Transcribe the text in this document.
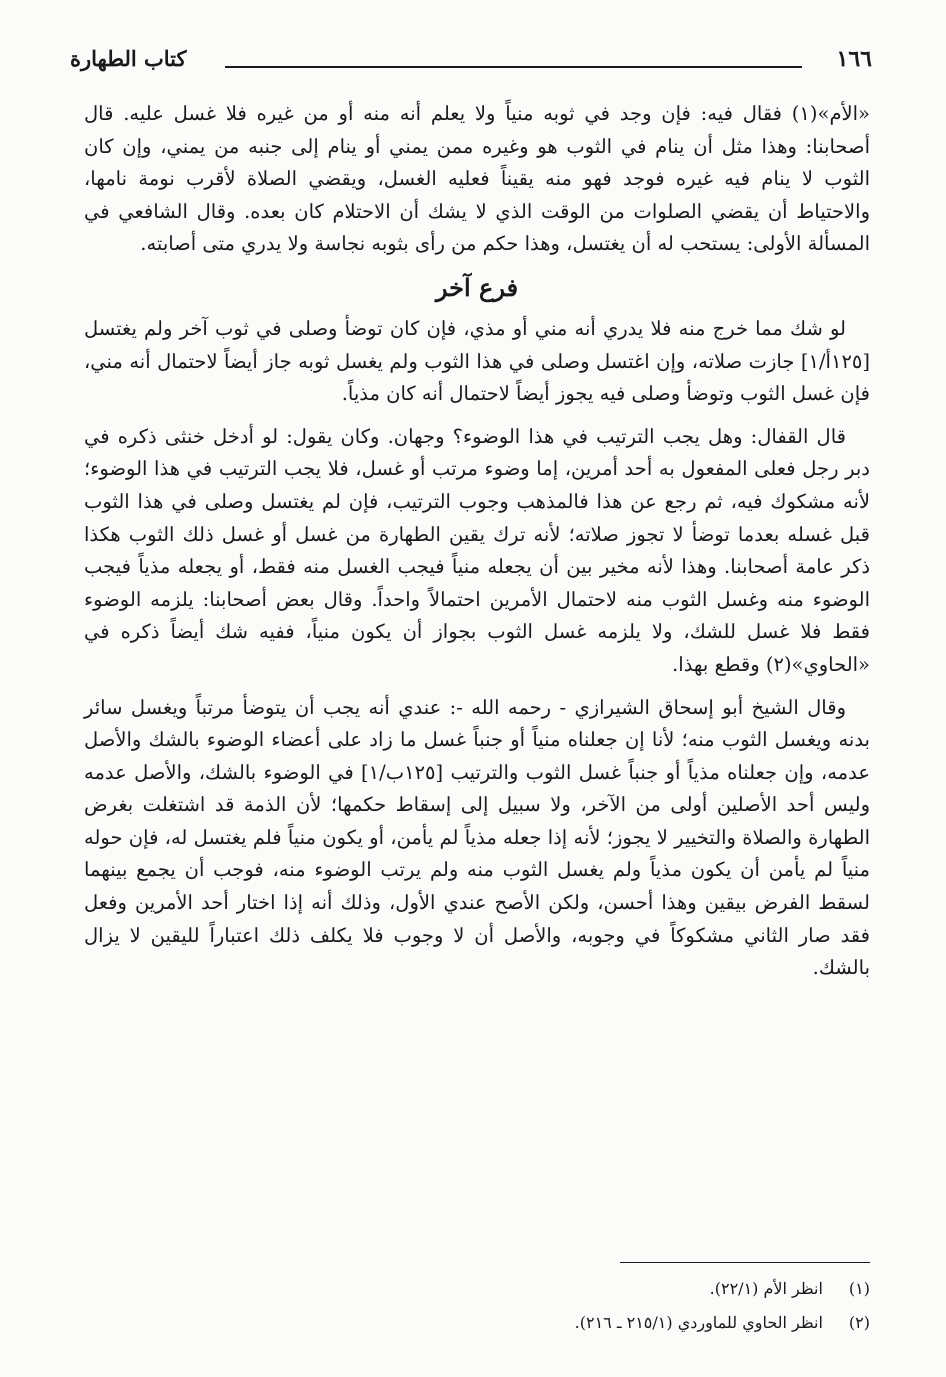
١٦٦
كتاب الطهارة

«الأم»(١) فقال فيه: فإن وجد في ثوبه منياً ولا يعلم أنه منه أو من غيره فلا غسل عليه. قال أصحابنا: وهذا مثل أن ينام في الثوب هو وغيره ممن يمني أو ينام إلى جنبه من يمني، وإن كان الثوب لا ينام فيه غيره فوجد فهو منه يقيناً فعليه الغسل، ويقضي الصلاة لأقرب نومة نامها، والاحتياط أن يقضي الصلوات من الوقت الذي لا يشك أن الاحتلام كان بعده. وقال الشافعي في المسألة الأولى: يستحب له أن يغتسل، وهذا حكم من رأى بثوبه نجاسة ولا يدري متى أصابته.

فرع آخر

لو شك مما خرج منه فلا يدري أنه مني أو مذي، فإن كان توضأ وصلى في ثوب آخر ولم يغتسل [١٢٥أ/١] جازت صلاته، وإن اغتسل وصلى في هذا الثوب ولم يغسل ثوبه جاز أيضاً لاحتمال أنه مني، فإن غسل الثوب وتوضأ وصلى فيه يجوز أيضاً لاحتمال أنه كان مذياً.

قال القفال: وهل يجب الترتيب في هذا الوضوء؟ وجهان. وكان يقول: لو أدخل خنثى ذكره في دبر رجل فعلى المفعول به أحد أمرين، إما وضوء مرتب أو غسل، فلا يجب الترتيب في هذا الوضوء؛ لأنه مشكوك فيه، ثم رجع عن هذا فالمذهب وجوب الترتيب، فإن لم يغتسل وصلى في هذا الثوب قبل غسله بعدما توضأ لا تجوز صلاته؛ لأنه ترك يقين الطهارة من غسل أو غسل ذلك الثوب هكذا ذكر عامة أصحابنا. وهذا لأنه مخير بين أن يجعله منياً فيجب الغسل منه فقط، أو يجعله مذياً فيجب الوضوء منه وغسل الثوب منه لاحتمال الأمرين احتمالاً واحداً. وقال بعض أصحابنا: يلزمه الوضوء فقط فلا غسل للشك، ولا يلزمه غسل الثوب بجواز أن يكون منياً، ففيه شك أيضاً ذكره في «الحاوي»(٢) وقطع بهذا.

وقال الشيخ أبو إسحاق الشيرازي - رحمه الله -: عندي أنه يجب أن يتوضأ مرتباً ويغسل سائر بدنه ويغسل الثوب منه؛ لأنا إن جعلناه منياً أو جنباً غسل ما زاد على أعضاء الوضوء بالشك والأصل عدمه، وإن جعلناه مذياً أو جنباً غسل الثوب والترتيب [١٢٥ب/١] في الوضوء بالشك، والأصل عدمه وليس أحد الأصلين أولى من الآخر، ولا سبيل إلى إسقاط حكمها؛ لأن الذمة قد اشتغلت بغرض الطهارة والصلاة والتخيير لا يجوز؛ لأنه إذا جعله مذياً لم يأمن، أو يكون منياً فلم يغتسل له، فإن حوله منياً لم يأمن أن يكون مذياً ولم يغسل الثوب منه ولم يرتب الوضوء منه، فوجب أن يجمع بينهما لسقط الفرض بيقين وهذا أحسن، ولكن الأصح عندي الأول، وذلك أنه إذا اختار أحد الأمرين وفعل فقد صار الثاني مشكوكاً في وجوبه، والأصل أن لا وجوب فلا يكلف ذلك اعتباراً لليقين لا يزال بالشك.

(١) انظر الأم (٢٢/١).

(٢) انظر الحاوي للماوردي (٢١٥/١ ـ ٢١٦).
